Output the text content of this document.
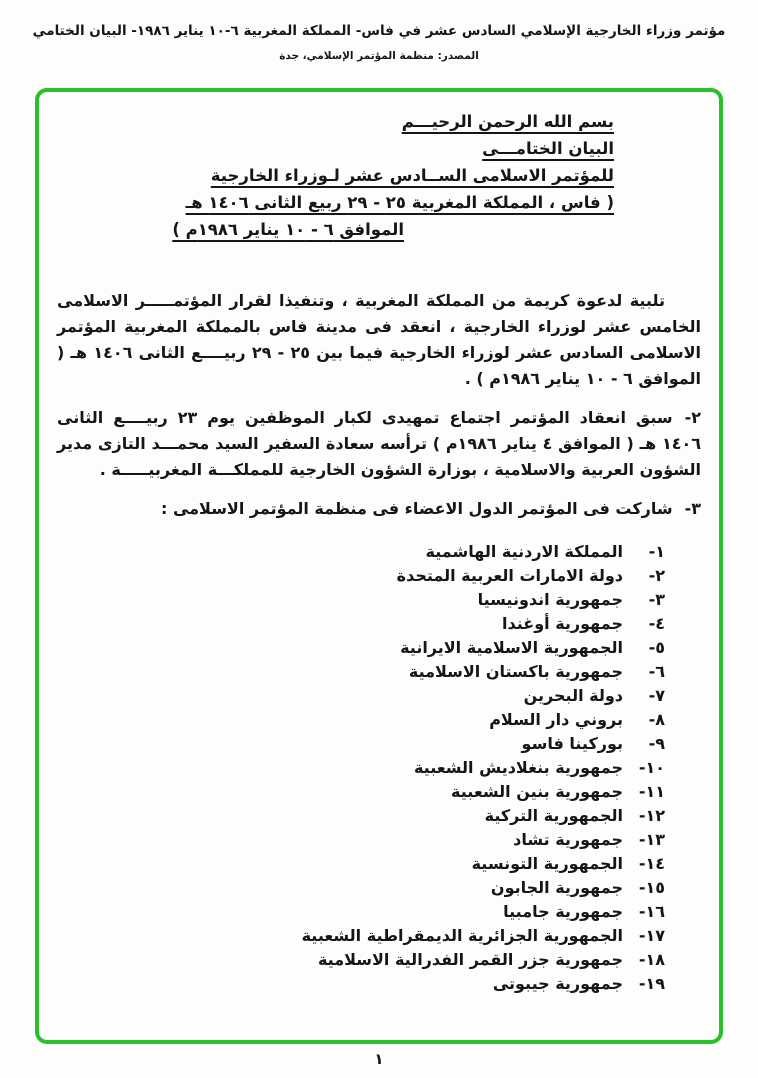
مؤتمر وزراء الخارجية الإسلامي السادس عشر في فاس- المملكة المغربية ٦-١٠ يناير ١٩٨٦- البيان الختامي
المصدر: منظمة المؤتمر الإسلامي، جدة
بسم الله الرحمن الرحيـــم
البيان الختامـــى
للمؤتمر الاسلامى الســادس عشر لـوزراء الخارجية
( فاس ، المملكة المغربية ٢٥ - ٢٩ ربيع الثانى ١٤٠٦ هـ
الموافق ٦ - ١٠ يناير ١٩٨٦م )

تلبية لدعوة كريمة من المملكة المغربية ، وتنفيذا لقرار المؤتمـــــر الاسلامى الخامس عشر لوزراء الخارجية ، انعقد فى مدينة فاس بالمملكة المغربية المؤتمر الاسلامى السادس عشر لوزراء الخارجية فيما بين ٢٥ - ٢٩ ربيــــع الثانى ١٤٠٦ هـ ( الموافق ٦ - ١٠ يناير ١٩٨٦م ) .

٢-سبق انعقاد المؤتمر اجتماع تمهيدى لكبار الموظفين يوم ٢٣ ربيــــع الثانى ١٤٠٦ هـ ( الموافق ٤ يناير ١٩٨٦م ) ترأسه سعادة السفير السيد محمـــد التازى مدير الشؤون العربية والاسلامية ، بوزارة الشؤون الخارجية للمملكـــة المغربيـــــة .

٣-شاركت فى المؤتمر الدول الاعضاء فى منظمة المؤتمر الاسلامى :

١-
المملكة الاردنية الهاشمية
٢-
دولة الامارات العربية المتحدة
٣-
جمهورية اندونيسيا
٤-
جمهورية أوغندا
٥-
الجمهورية الاسلامية الايرانية
٦-
جمهورية باكستان الاسلامية
٧-
دولة البحرين
٨-
بروني دار السلام
٩-
بوركينا فاسو
١٠-
جمهورية بنغلاديش الشعبية
١١-
جمهورية بنين الشعبية
١٢-
الجمهورية التركية
١٣-
جمهورية تشاد
١٤-
الجمهورية التونسية
١٥-
جمهورية الجابون
١٦-
جمهورية جامبيا
١٧-
الجمهورية الجزائرية الديمقراطية الشعبية
١٨-
جمهورية جزر القمر الفدرالية الاسلامية
١٩-
جمهورية جيبوتى
١
